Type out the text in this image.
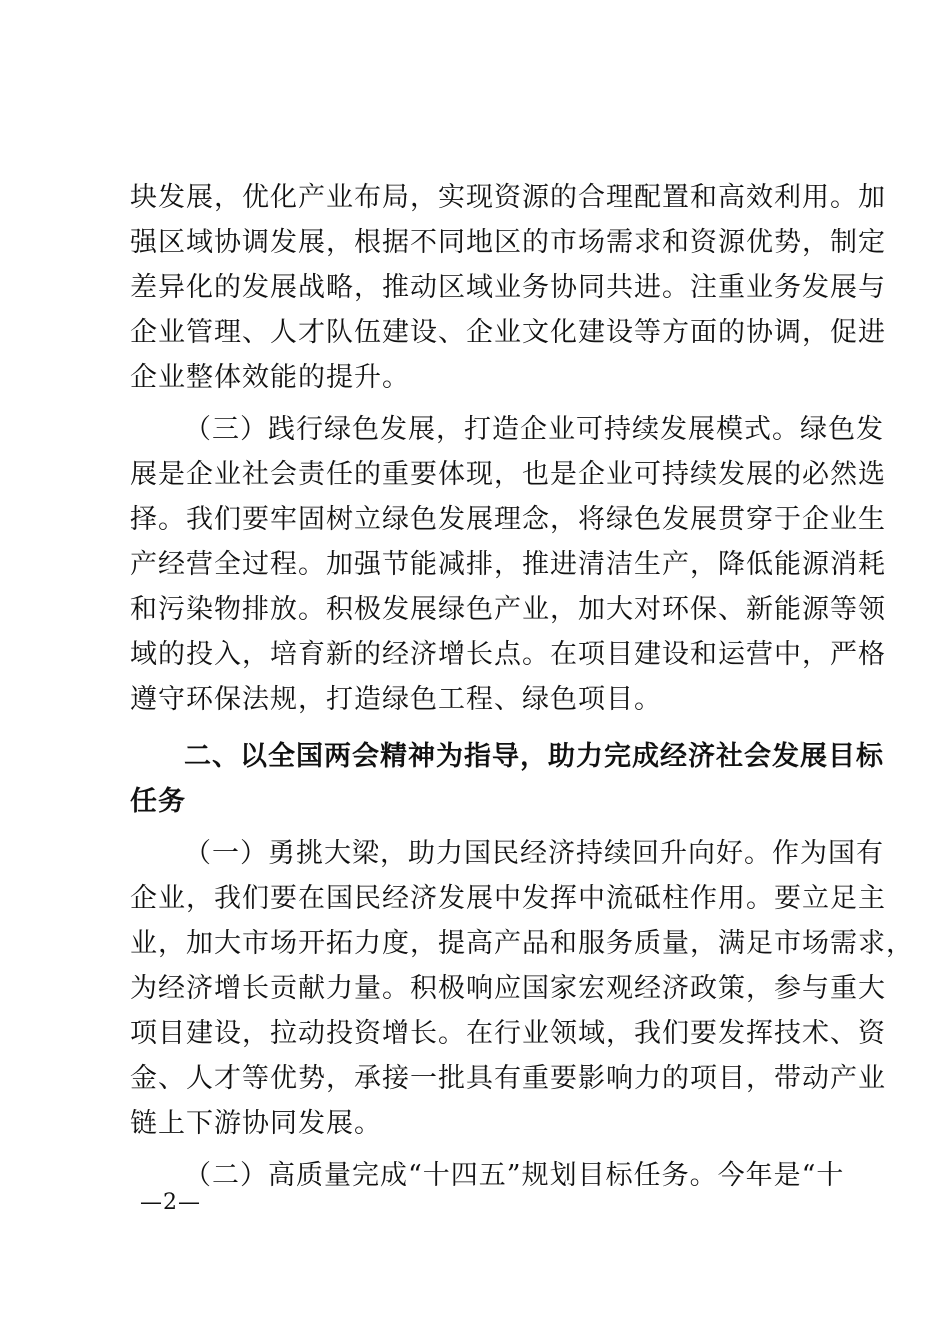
块发展，优化产业布局，实现资源的合理配置和高效利用。加
强区域协调发展，根据不同地区的市场需求和资源优势，制定
差异化的发展战略，推动区域业务协同共进。注重业务发展与
企业管理、人才队伍建设、企业文化建设等方面的协调，促进
企业整体效能的提升。
（三）践行绿色发展，打造企业可持续发展模式。绿色发
展是企业社会责任的重要体现，也是企业可持续发展的必然选
择。我们要牢固树立绿色发展理念，将绿色发展贯穿于企业生
产经营全过程。加强节能减排，推进清洁生产，降低能源消耗
和污染物排放。积极发展绿色产业，加大对环保、新能源等领
域的投入，培育新的经济增长点。在项目建设和运营中，严格
遵守环保法规，打造绿色工程、绿色项目。
二、以全国两会精神为指导，助力完成经济社会发展目标
任务
（一）勇挑大梁，助力国民经济持续回升向好。作为国有
企业，我们要在国民经济发展中发挥中流砥柱作用。要立足主
业，加大市场开拓力度，提高产品和服务质量，满足市场需求，
为经济增长贡献力量。积极响应国家宏观经济政策，参与重大
项目建设，拉动投资增长。在行业领域，我们要发挥技术、资
金、人才等优势，承接一批具有重要影响力的项目，带动产业
链上下游协同发展。
（二）高质量完成“十四五”规划目标任务。今年是“十
—2—
